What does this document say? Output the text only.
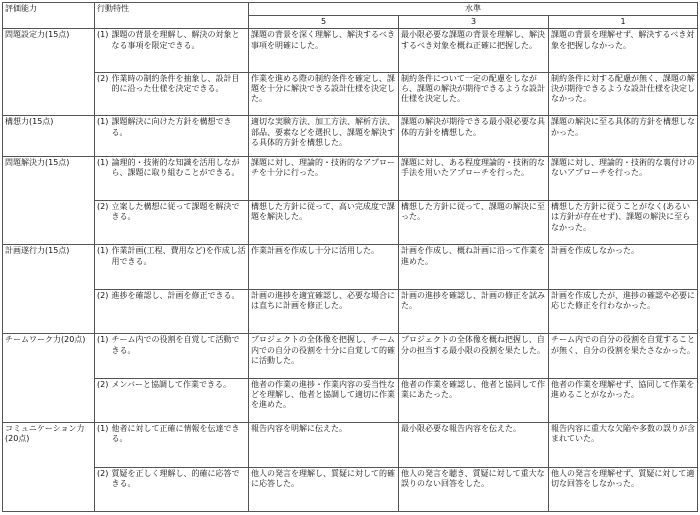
評価能力	行動特性		水準		
			5	3	1
問題設定力(15点)	(1)	課題の背景を理解し、解決の対象となる事項を限定できる。	課題の背景を深く理解し、解決するべき事項を明確にした。	最小限必要な課題の背景を理解し、解決するべき対象を概ね正確に把握した。	課題の背景を理解せず、解決するべき対象を把握しなかった。
	(2)	作業時の制約条件を抽象し、設計目的に沿った仕様を決定できる。	作業を進める際の制約条件を確定し、課題を十分に解決できる設計仕様を決定した。	制約条件について一定の配慮をしながら、課題の解決が期待できるような設計仕様を決定した。	制約条件に対する配慮が無く、課題の解決が期待できるような設計仕様を決定しなかった。
構想力(15点)	(1)	課題解決に向けた方針を構想できる。	適切な実験方法、加工方法、解析方法、部品、要素などを選択し、課題を解決する具体的方針を構想した。	課題の解決が期待できる最小限必要な具体的方針を構想した。	課題の解決に至る具体的方針を構想しなかった。
問題解決力(15点)	(1)	論理的・技術的な知識を活用しながら、課題に取り組むことができる。	課題に対し、理論的・技術的なアプローチを十分に行った。	課題に対し、ある程度理論的・技術的な手法を用いたアプローチを行った。	課題に対し、理論的・技術的な裏付けのないアプローチを行った。
	(2)	立案した構想に従って課題を解決できる。	構想した方針に従って、高い完成度で課題を解決した。	構想した方針に従って、課題の解決に至った。	構想した方針に従うことがなく(あるいは方針が存在せず)、課題の解決に至らなかった。
計画遂行力(15点)	(1)	作業計画(工程、費用など)を作成し活用できる。	作業計画を作成し十分に活用した。	計画を作成し、概ね計画に沿って作業を進めた。	計画を作成しなかった。
	(2)	進捗を確認し、計画を修正できる。	計画の進捗を適宜確認し、必要な場合には直ちに計画を修正した。	計画の進捗を確認し、計画の修正を試みた。	計画を作成したが、進捗の確認や必要に応じた修正を行わなかった。
チームワーク力(20点)	(1)	チーム内での役割を自覚して活動できる。	プロジェクトの全体像を把握し、チーム内での自分の役割を十分に自覚して的確に活動した。	プロジェクトの全体像を概ね把握し、自分の担当する最小限の役割を果たした。	チーム内での自分の役割を自覚することが無く、自分の役割を果たさなかった。
	(2)	メンバーと協調して作業できる。	他者の作業の進捗・作業内容の妥当性などを理解し、他者と協調して適切に作業を進めた。	他者の作業を確認し、他者と協同して作業にあたった。	他者の作業を理解せず、協同して作業を進めることがなかった。
コミュニケーション力(20点)	(1)	他者に対して正確に情報を伝達できる。	報告内容を明解に伝えた。	最小限必要な報告内容を伝えた。	報告内容に重大な欠陥や多数の誤りが含まれていた。
	(2)	質疑を正しく理解し、的確に応答できる。	他人の発言を理解し、質疑に対して的確に応答した。	他人の発言を聴き、質疑に対して重大な誤りのない回答をした。	他人の発言を理解せず、質疑に対して適切な回答をしなかった。
